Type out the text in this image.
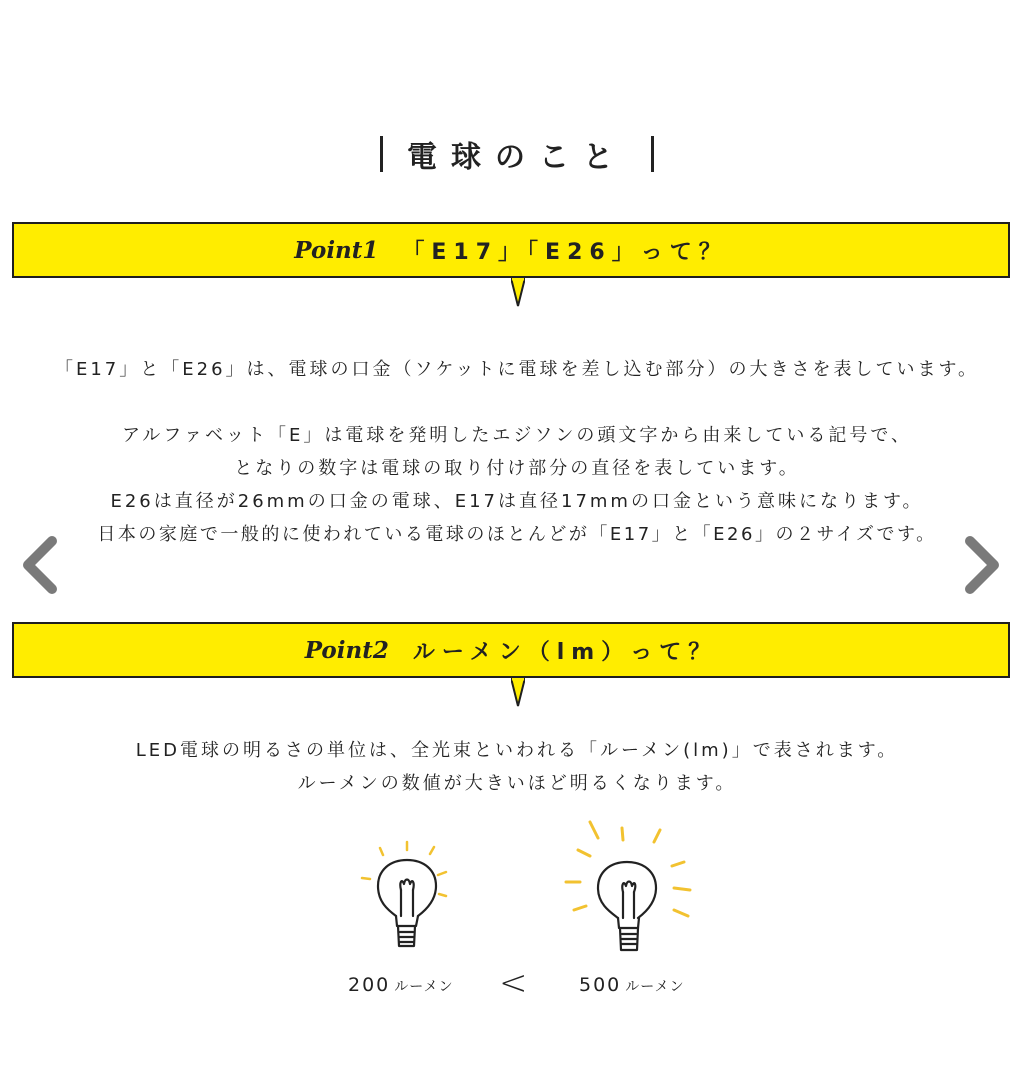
電球のこと
Point1 「E17」「E26」って？
「E17」と「E26」は、電球の口金（ソケットに電球を差し込む部分）の大きさを表しています。
アルファベット「E」は電球を発明したエジソンの頭文字から由来している記号で、
となりの数字は電球の取り付け部分の直径を表しています。
E26は直径が26mmの口金の電球、E17は直径17mmの口金という意味になります。
日本の家庭で一般的に使われている電球のほとんどが「E17」と「E26」の２サイズです。
Point2 ルーメン（lm）って？
LED電球の明るさの単位は、全光束といわれる「ルーメン(lm)」で表されます。
ルーメンの数値が大きいほど明るくなります。
200 ルーメン <	500 ルーメン
